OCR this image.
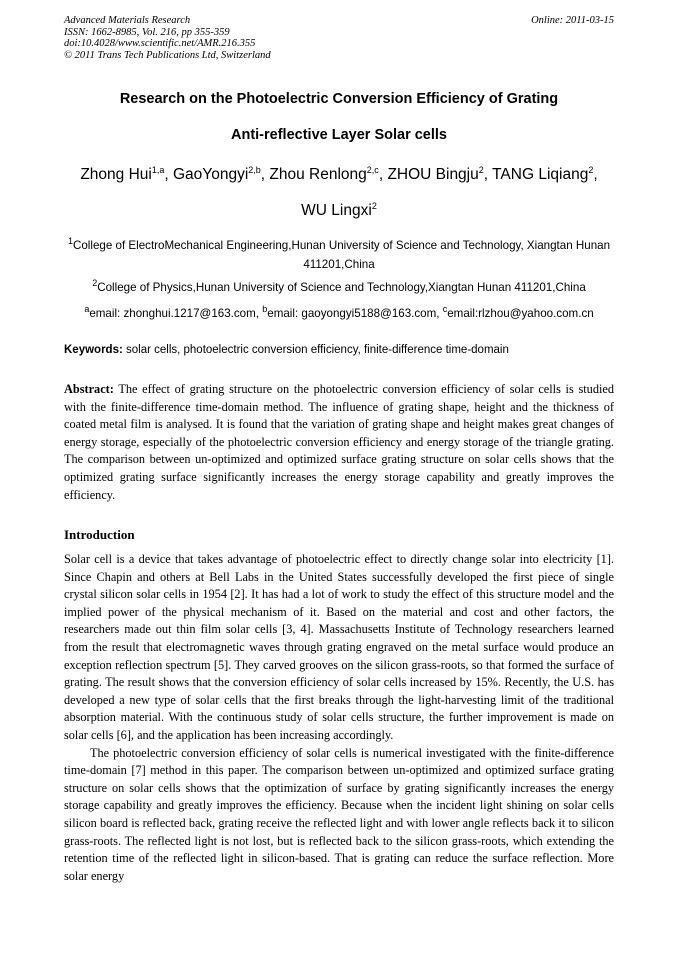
Advanced Materials Research
ISSN: 1662-8985, Vol. 216, pp 355-359
doi:10.4028/www.scientific.net/AMR.216.355
© 2011 Trans Tech Publications Ltd, Switzerland
Online: 2011-03-15
Research on the Photoelectric Conversion Efficiency of Grating
Anti-reflective Layer Solar cells
Zhong Hui$^{1,a}$, GaoYongyi$^{2,b}$, Zhou Renlong$^{2,c}$, ZHOU Bingju$^2$, TANG Liqiang$^2$,
WU Lingxi$^2$
$^1$College of ElectroMechanical Engineering,Hunan University of Science and Technology, Xiangtan Hunan 411201,China
$^2$College of Physics,Hunan University of Science and Technology,Xiangtan Hunan 411201,China
$^a$email: zhonghui.1217@163.com, $^b$email: gaoyongyi5188@163.com, $^c$email:rlzhou@yahoo.com.cn
Keywords: solar cells, photoelectric conversion efficiency, finite-difference time-domain
Abstract: The effect of grating structure on the photoelectric conversion efficiency of solar cells is studied with the finite-difference time-domain method. The influence of grating shape, height and the thickness of coated metal film is analysed. It is found that the variation of grating shape and height makes great changes of energy storage, especially of the photoelectric conversion efficiency and energy storage of the triangle grating. The comparison between un-optimized and optimized surface grating structure on solar cells shows that the optimized grating surface significantly increases the energy storage capability and greatly improves the efficiency.
Introduction

Solar cell is a device that takes advantage of photoelectric effect to directly change solar into electricity [1]. Since Chapin and others at Bell Labs in the United States successfully developed the first piece of single crystal silicon solar cells in 1954 [2]. It has had a lot of work to study the effect of this structure model and the implied power of the physical mechanism of it. Based on the material and cost and other factors, the researchers made out thin film solar cells [3, 4]. Massachusetts Institute of Technology researchers learned from the result that electromagnetic waves through grating engraved on the metal surface would produce an exception reflection spectrum [5]. They carved grooves on the silicon grass-roots, so that formed the surface of grating. The result shows that the conversion efficiency of solar cells increased by 15%. Recently, the U.S. has developed a new type of solar cells that the first breaks through the light-harvesting limit of the traditional absorption material. With the continuous study of solar cells structure, the further improvement is made on solar cells [6], and the application has been increasing accordingly.

The photoelectric conversion efficiency of solar cells is numerical investigated with the finite-difference time-domain [7] method in this paper. The comparison between un-optimized and optimized surface grating structure on solar cells shows that the optimization of surface by grating significantly increases the energy storage capability and greatly improves the efficiency. Because when the incident light shining on solar cells silicon board is reflected back, grating receive the reflected light and with lower angle reflects back it to silicon grass-roots. The reflected light is not lost, but is reflected back to the silicon grass-roots, which extending the retention time of the reflected light in silicon-based. That is grating can reduce the surface reflection. More solar energy
